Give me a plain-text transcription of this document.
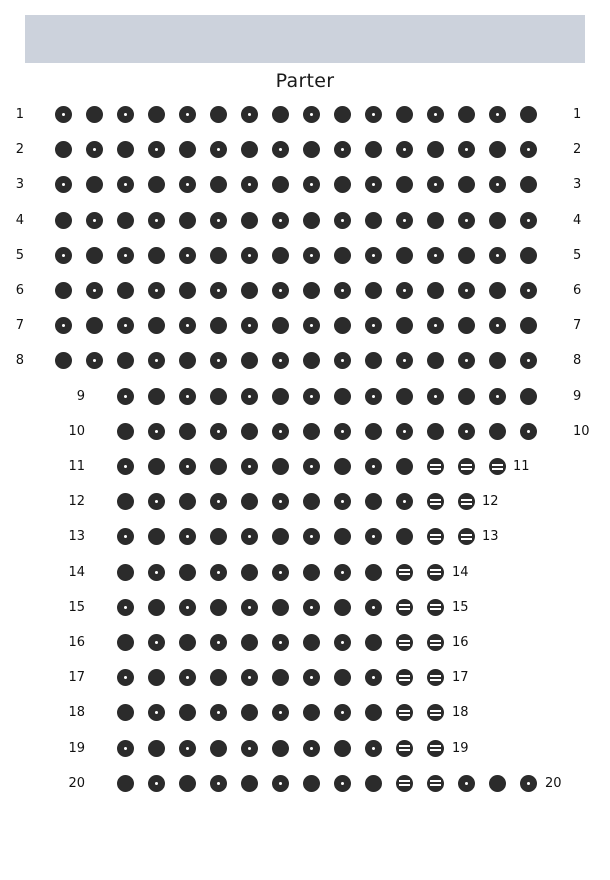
Parter
1	1
2	2
3	3
4	4
5	5
6	6
7	7
8	8
9	9
10	10
11	11
12	12
13	13
14	14
15	15
16	16
17	17
18	18
19	19
20	20
